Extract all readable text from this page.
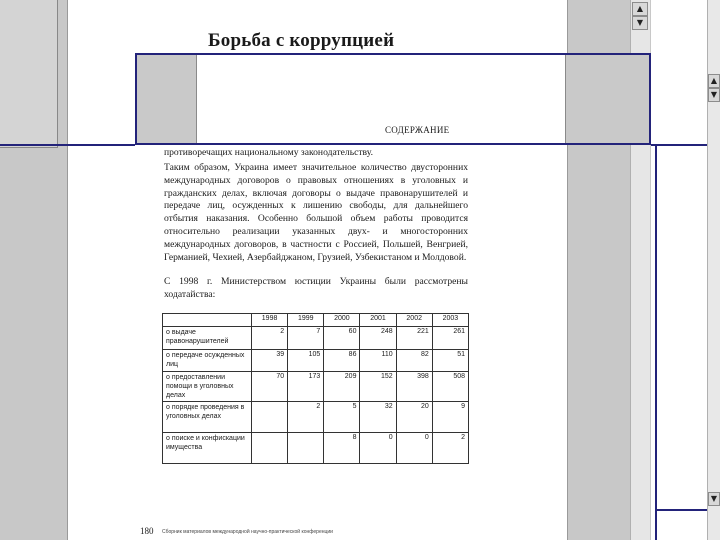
Борьба с коррупцией
противоречащих национальному законодательству.
Таким образом, Украина имеет значительное количество двусторонних международных договоров о правовых отношениях в уголовных и гражданских делах, включая договоры о выдаче правонарушителей и передаче лиц, осужденных к лишению свободы, для дальнейшего отбытия наказания. Особенно большой объем работы проводится относительно реализации указанных двух- и многосторонних международных договоров, в частности с Россией, Польшей, Венгрией, Германией, Чехией, Азербайджаном, Грузией, Узбекистаном и Молдовой.
С 1998 г. Министерством юстиции Украины были рассмотрены ходатайства:
	1998	1999	2000	2001	2002	2003
о выдаче правонарушителей	2	7	60	248	221	261
о передаче осужденных лиц	39	105	86	110	82	51
о предоставлении помощи в уголовных делах	70	173	209	152	398	508
о порядке проведения в уголовных делах		2	5	32	20	9
о поиске и конфискации имущества			8	0	0	2
180 Сборник материалов международной научно-практической конференции
▲
▼
▲
▼
▼
СОДЕРЖАНИЕ
